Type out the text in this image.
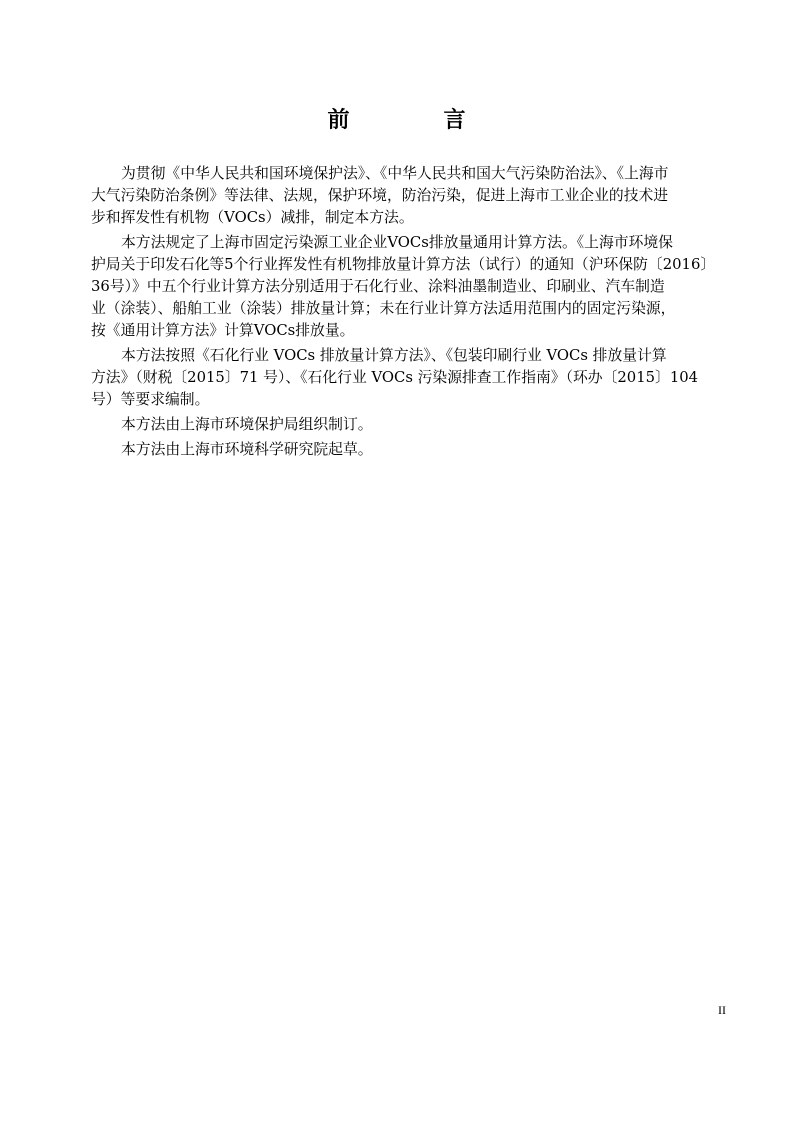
前　言

为贯彻《中华人民共和国环境保护法》、《中华人民共和国大气污染防治法》、《上海市
大气污染防治条例》等法律、法规，保护环境，防治污染，促进上海市工业企业的技术进
步和挥发性有机物（VOCs）减排，制定本方法。

本方法规定了上海市固定污染源工业企业VOCs排放量通用计算方法。《上海市环境保
护局关于印发石化等5个行业挥发性有机物排放量计算方法（试行）的通知（沪环保防〔2016〕
36号）》中五个行业计算方法分别适用于石化行业、涂料油墨制造业、印刷业、汽车制造
业（涂装）、船舶工业（涂装）排放量计算；未在行业计算方法适用范围内的固定污染源，
按《通用计算方法》计算VOCs排放量。

本方法按照《石化行业 VOCs 排放量计算方法》、《包装印刷行业 VOCs 排放量计算
方法》（财税〔2015〕71 号）、《石化行业 VOCs 污染源排查工作指南》（环办〔2015〕104
号）等要求编制。

本方法由上海市环境保护局组织制订。

本方法由上海市环境科学研究院起草。

II
